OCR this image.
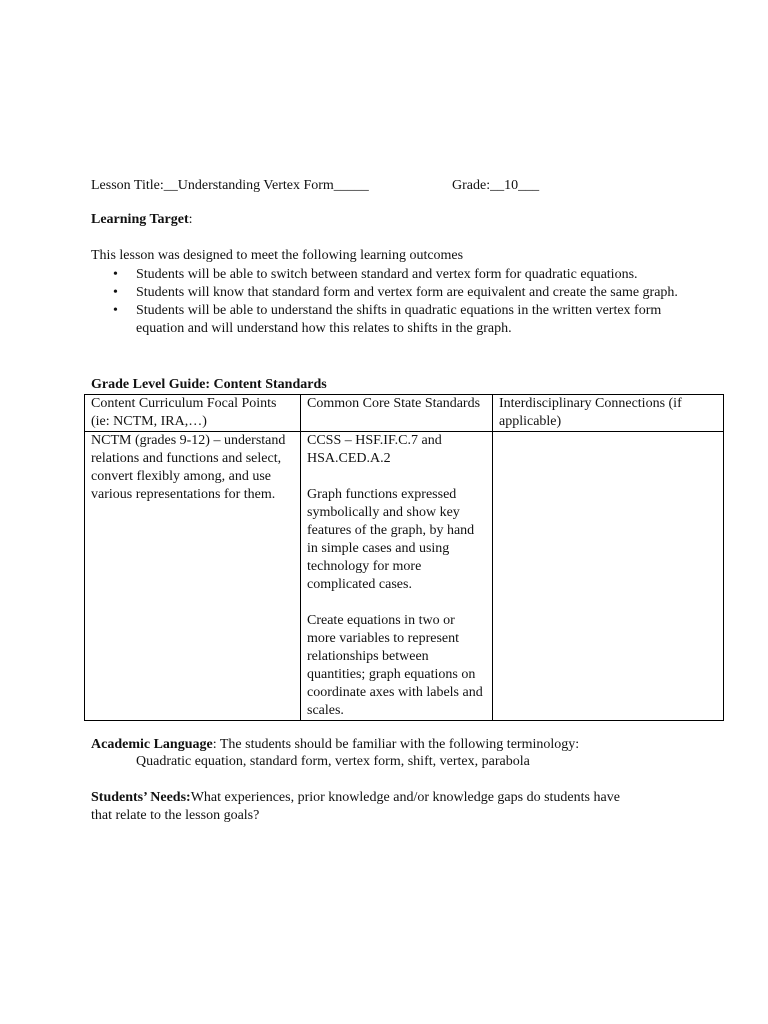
Lesson Title:__Understanding Vertex Form_____	Grade:__10___
Learning Target:
This lesson was designed to meet the following learning outcomes
• Students will be able to switch between standard and vertex form for quadratic equations.
• Students will know that standard form and vertex form are equivalent and create the same graph.
• Students will be able to understand the shifts in quadratic equations in the written vertex form equation and will understand how this relates to shifts in the graph.
Grade Level Guide: Content Standards
Content Curriculum Focal Points (ie: NCTM, IRA,…)	Common Core State Standards	Interdisciplinary Connections (if applicable)
NCTM (grades 9-12) – understand relations and functions and select, convert flexibly among, and use various representations for them.	CCSS – HSF.IF.C.7 and HSA.CED.A.2
Graph functions expressed symbolically and show key features of the graph, by hand in simple cases and using technology for more complicated cases.
Create equations in two or more variables to represent relationships between quantities; graph equations on coordinate axes with labels and scales.	

Academic Language: The students should be familiar with the following terminology:
Quadratic equation, standard form, vertex form, shift, vertex, parabola
Students’ Needs:What experiences, prior knowledge and/or knowledge gaps do students have
that relate to the lesson goals?
